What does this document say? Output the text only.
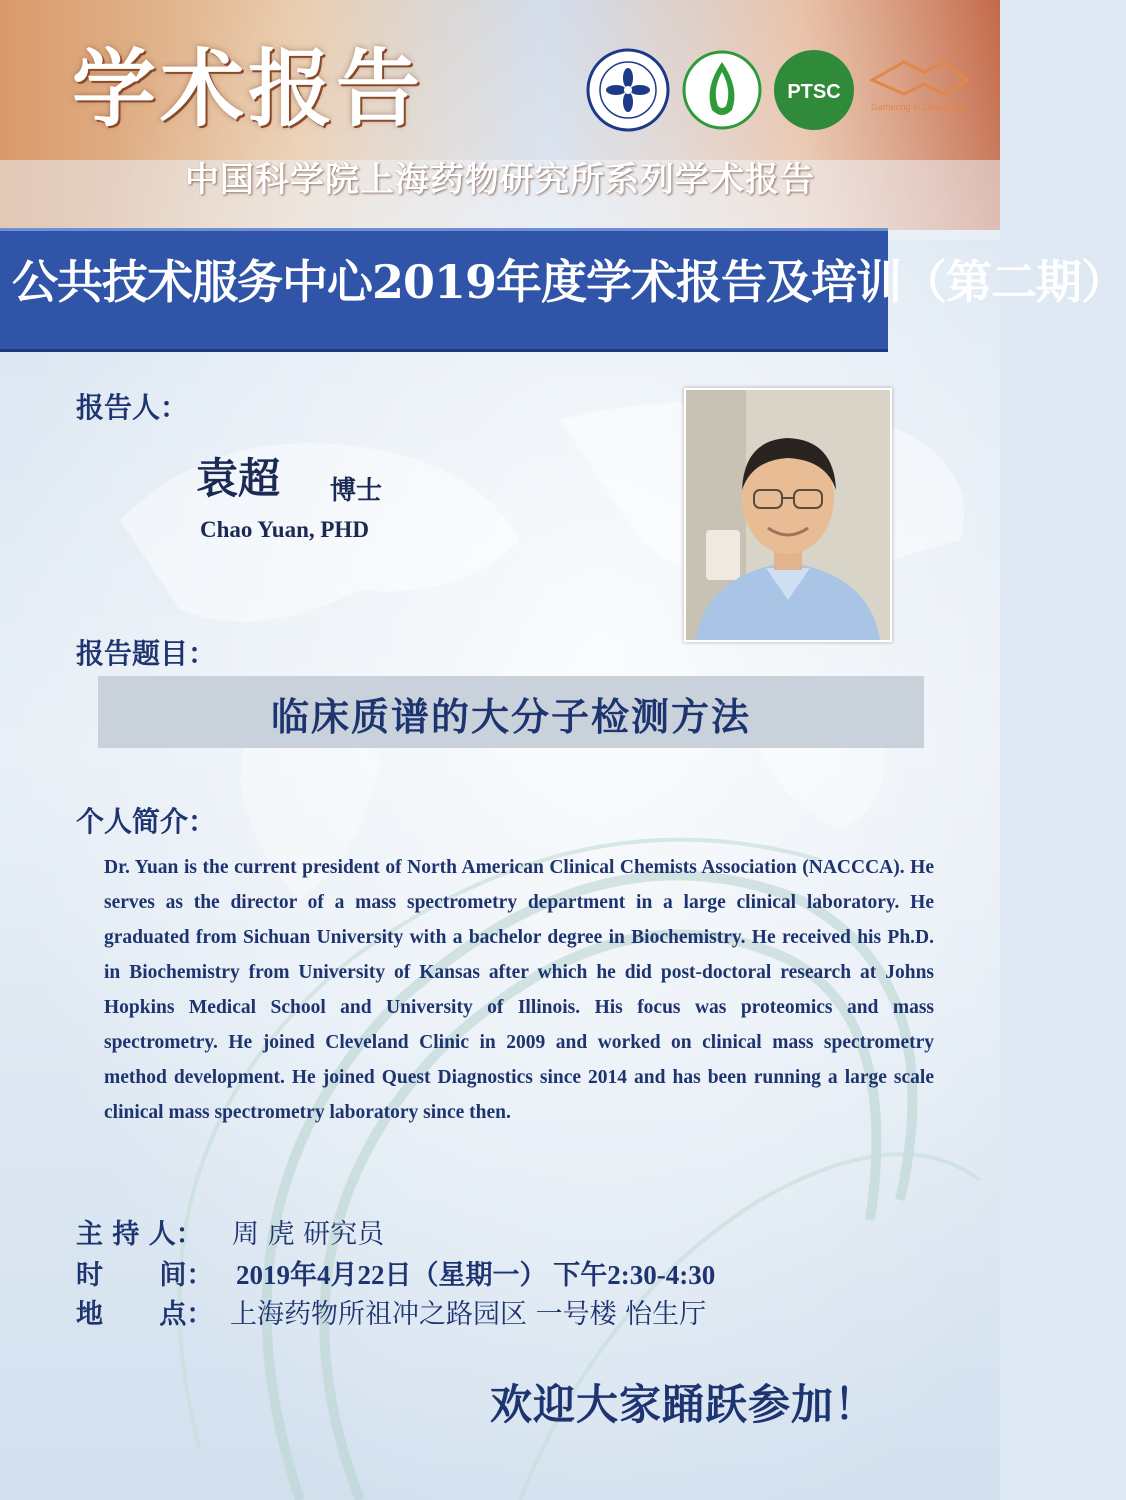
学术报告	PTSC
Gathering in Zhangjiang
中国科学院上海药物研究所系列学术报告
公共技术服务中心2019年度学术报告及培训（第二期）
报告人：
袁超 博士
Chao Yuan, PHD
报告题目：
临床质谱的大分子检测方法
个人简介：
Dr. Yuan is the current president of North American Clinical Chemists Association (NACCCA). He serves as the director of a mass spectrometry department in a large clinical laboratory. He graduated from Sichuan University with a bachelor degree in Biochemistry. He received his Ph.D. in Biochemistry from University of Kansas after which he did post-doctoral research at Johns Hopkins Medical School and University of Illinois. His focus was proteomics and mass spectrometry. He joined Cleveland Clinic in 2009 and worked on clinical mass spectrometry method development. He joined Quest Diagnostics since 2014 and has been running a large scale clinical mass spectrometry laboratory since then.
主 持 人：	周 虎 研究员
时      间： 2019年4月22日（星期一） 下午2:30-4:30
地      点： 上海药物所祖冲之路园区 一号楼 怡生厅
欢迎大家踊跃参加！
